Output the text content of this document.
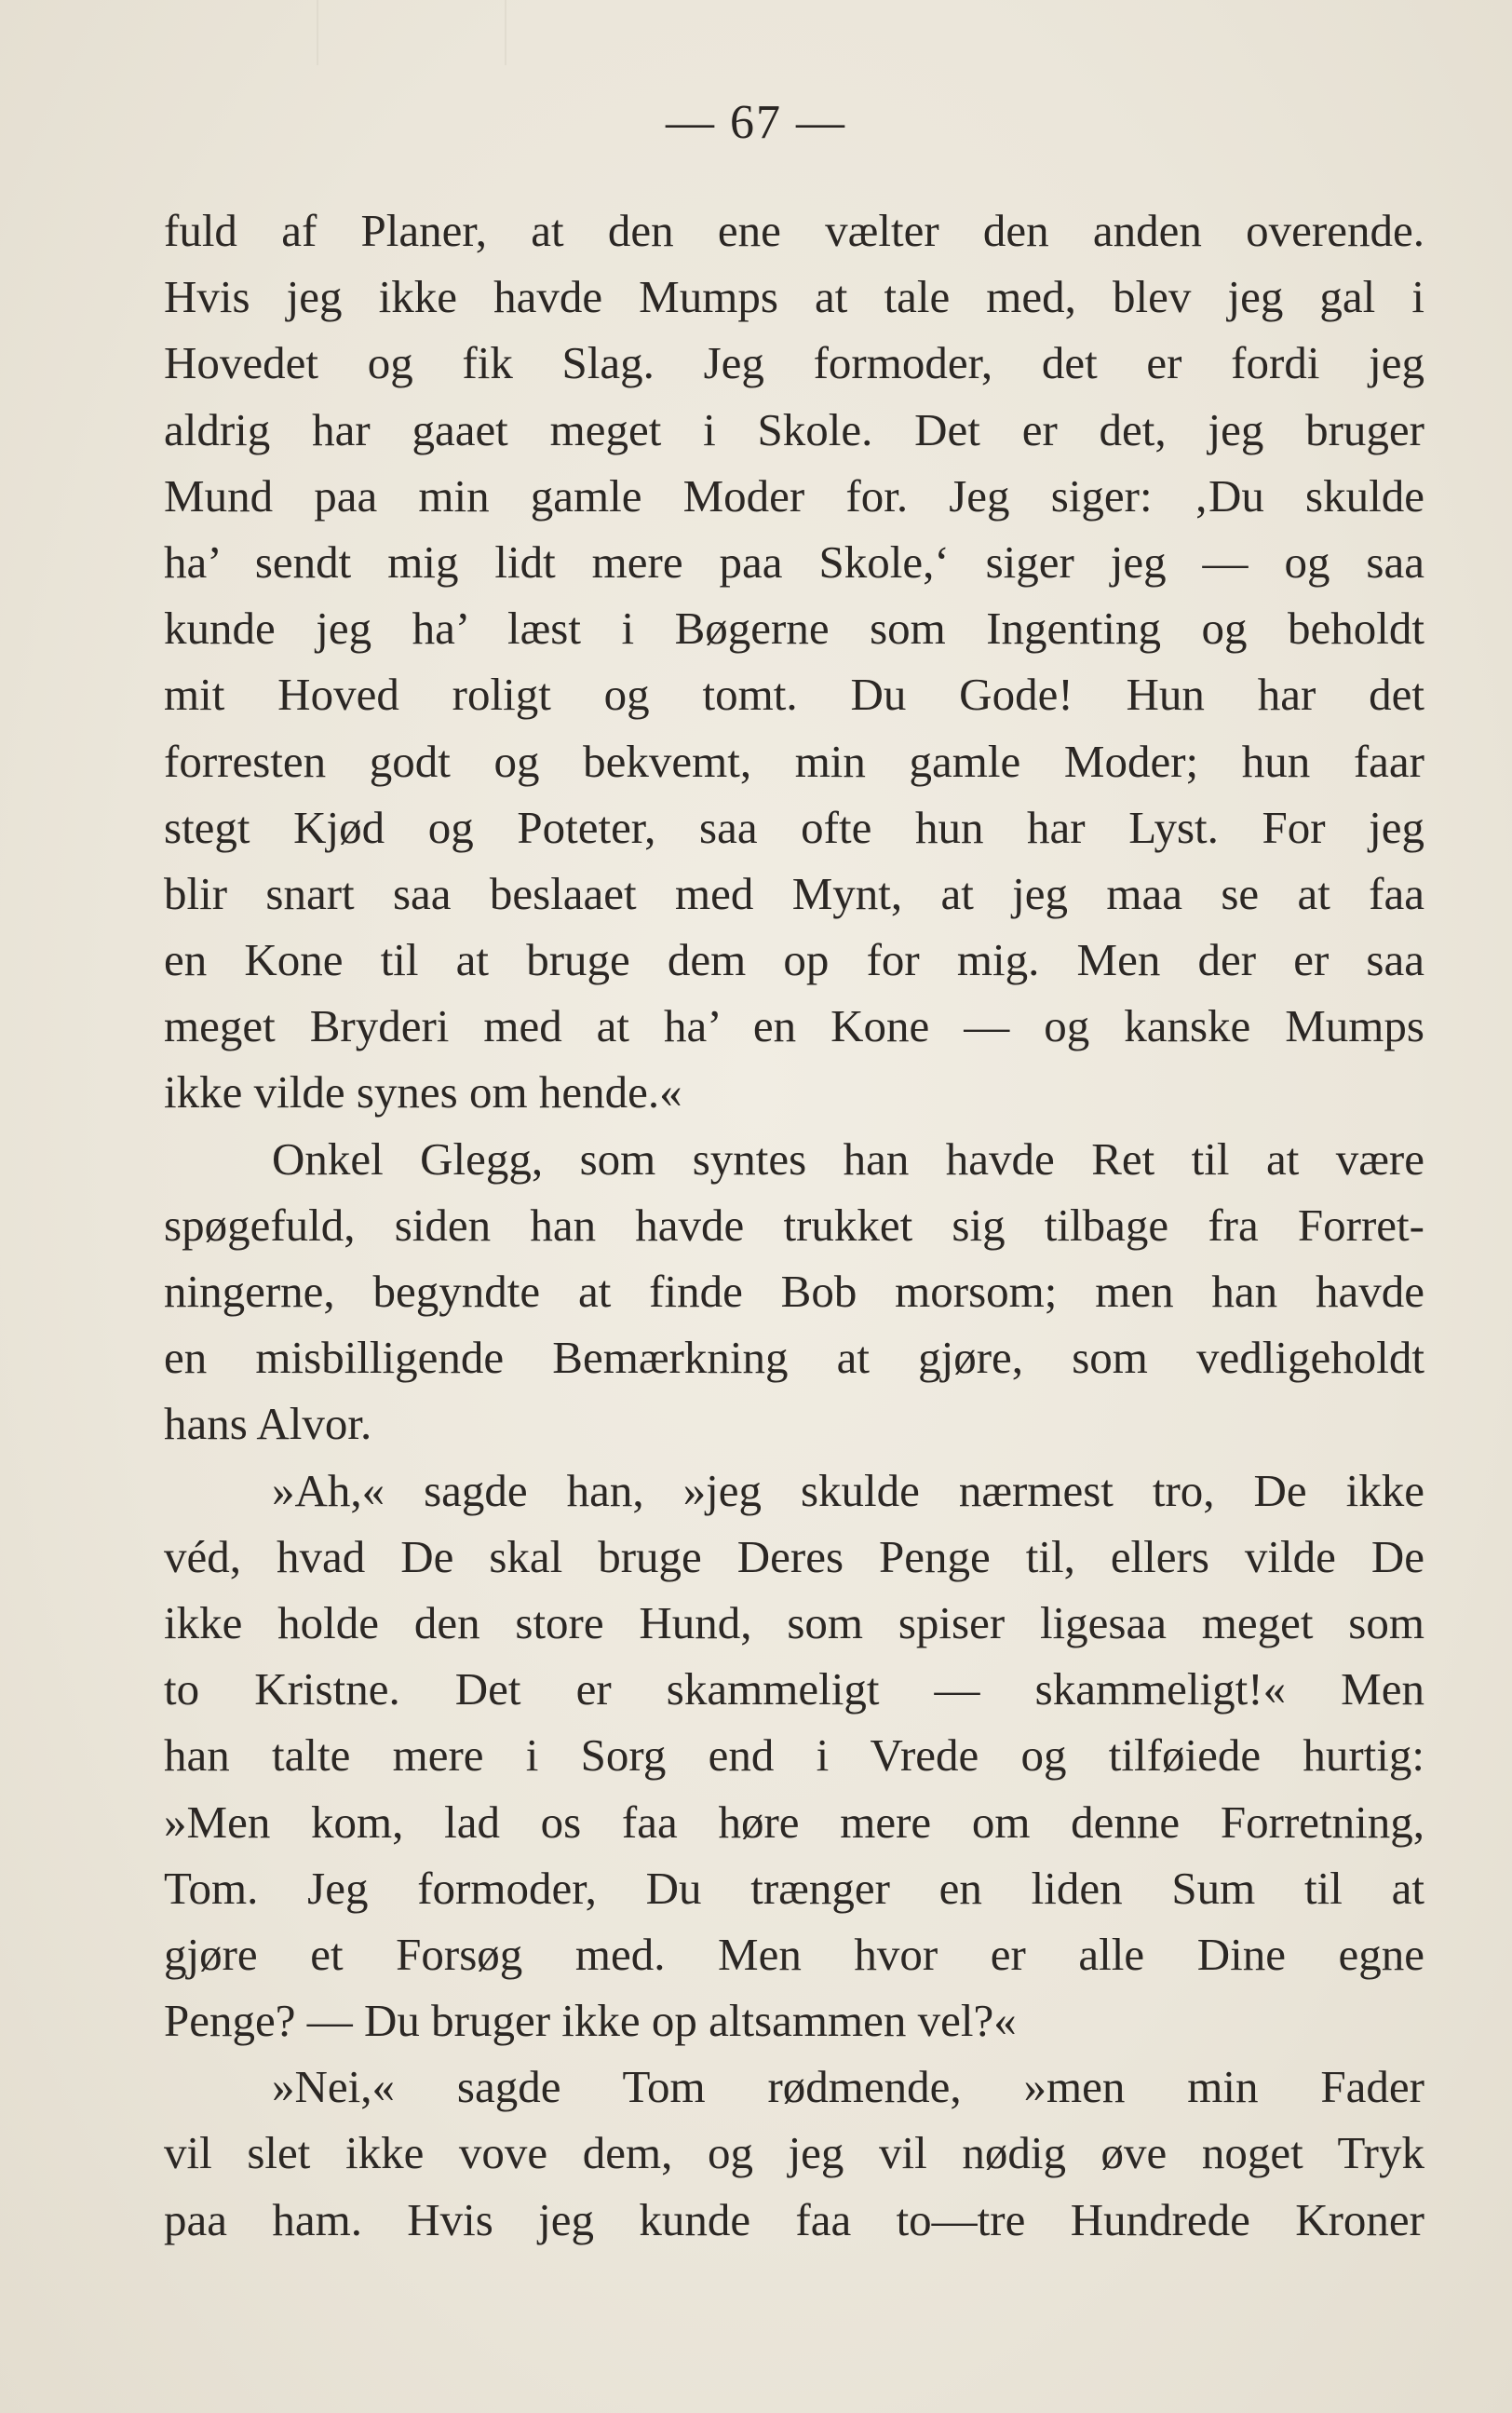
— 67 —
fuld af Planer, at den ene vælter den anden overende.
Hvis jeg ikke havde Mumps at tale med, blev jeg gal i
Hovedet og fik Slag. Jeg formoder, det er fordi jeg
aldrig har gaaet meget i Skole. Det er det, jeg bruger
Mund paa min gamle Moder for. Jeg siger: ‚Du skulde
ha’ sendt mig lidt mere paa Skole,‘ siger jeg — og saa
kunde jeg ha’ læst i Bøgerne som Ingenting og beholdt
mit Hoved roligt og tomt. Du Gode! Hun har det
forresten godt og bekvemt, min gamle Moder; hun faar
stegt Kjød og Poteter, saa ofte hun har Lyst. For jeg
blir snart saa beslaaet med Mynt, at jeg maa se at faa
en Kone til at bruge dem op for mig. Men der er saa
meget Bryderi med at ha’ en Kone — og kanske Mumps
ikke vilde synes om hende.«
Onkel Glegg, som syntes han havde Ret til at være
spøgefuld, siden han havde trukket sig tilbage fra Forret-
ningerne, begyndte at finde Bob morsom; men han havde
en misbilligende Bemærkning at gjøre, som vedligeholdt
hans Alvor.
»Ah,« sagde han, »jeg skulde nærmest tro, De ikke
véd, hvad De skal bruge Deres Penge til, ellers vilde De
ikke holde den store Hund, som spiser ligesaa meget som
to Kristne. Det er skammeligt — skammeligt!« Men
han talte mere i Sorg end i Vrede og tilføiede hurtig:
»Men kom, lad os faa høre mere om denne Forretning,
Tom. Jeg formoder, Du trænger en liden Sum til at
gjøre et Forsøg med. Men hvor er alle Dine egne
Penge? — Du bruger ikke op altsammen vel?«
»Nei,« sagde Tom rødmende, »men min Fader
vil slet ikke vove dem, og jeg vil nødig øve noget Tryk
paa ham. Hvis jeg kunde faa to—tre Hundrede Kroner
